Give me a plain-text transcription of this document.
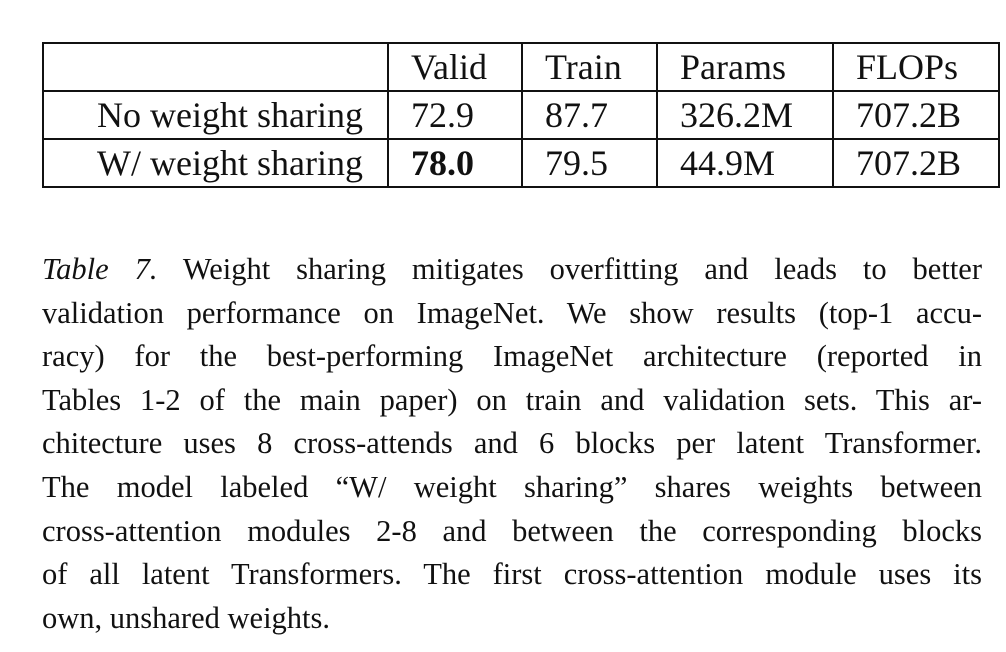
	Valid	Train	Params	FLOPs
No weight sharing	72.9	87.7	326.2M	707.2B
W/ weight sharing	78.0	79.5	44.9M	707.2B

Table 7. Weight sharing mitigates overfitting and leads to better

validation performance on ImageNet. We show results (top-1 accu-

racy) for the best-performing ImageNet architecture (reported in

Tables 1-2 of the main paper) on train and validation sets. This ar-

chitecture uses 8 cross-attends and 6 blocks per latent Transformer.

The model labeled “W/ weight sharing” shares weights between

cross-attention modules 2-8 and between the corresponding blocks

of all latent Transformers. The first cross-attention module uses its

own, unshared weights.
